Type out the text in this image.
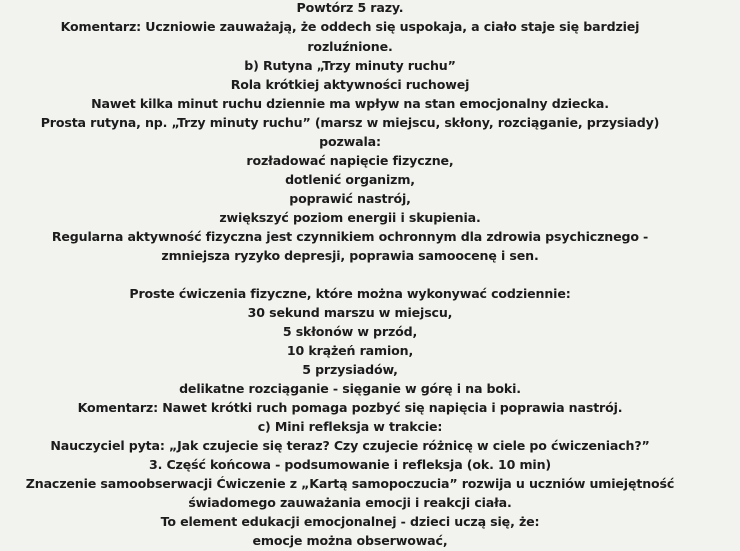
Powtórz 5 razy.
Komentarz: Uczniowie zauważają, że oddech się uspokaja, a ciało staje się bardziej
rozluźnione.
b) Rutyna „Trzy minuty ruchu”
Rola krótkiej aktywności ruchowej
Nawet kilka minut ruchu dziennie ma wpływ na stan emocjonalny dziecka.
Prosta rutyna, np. „Trzy minuty ruchu” (marsz w miejscu, skłony, rozciąganie, przysiady)
pozwala:
rozładować napięcie fizyczne,
dotlenić organizm,
poprawić nastrój,
zwiększyć poziom energii i skupienia.
Regularna aktywność fizyczna jest czynnikiem ochronnym dla zdrowia psychicznego -
zmniejsza ryzyko depresji, poprawia samoocenę i sen.
Proste ćwiczenia fizyczne, które można wykonywać codziennie:
30 sekund marszu w miejscu,
5 skłonów w przód,
10 krążeń ramion,
5 przysiadów,
delikatne rozciąganie - sięganie w górę i na boki.
Komentarz: Nawet krótki ruch pomaga pozbyć się napięcia i poprawia nastrój.
c) Mini refleksja w trakcie:
Nauczyciel pyta: „Jak czujecie się teraz? Czy czujecie różnicę w ciele po ćwiczeniach?”
3. Część końcowa - podsumowanie i refleksja (ok. 10 min)
Znaczenie samoobserwacji Ćwiczenie z „Kartą samopoczucia” rozwija u uczniów umiejętność
świadomego zauważania emocji i reakcji ciała.
To element edukacji emocjonalnej - dzieci uczą się, że:
emocje można obserwować,
